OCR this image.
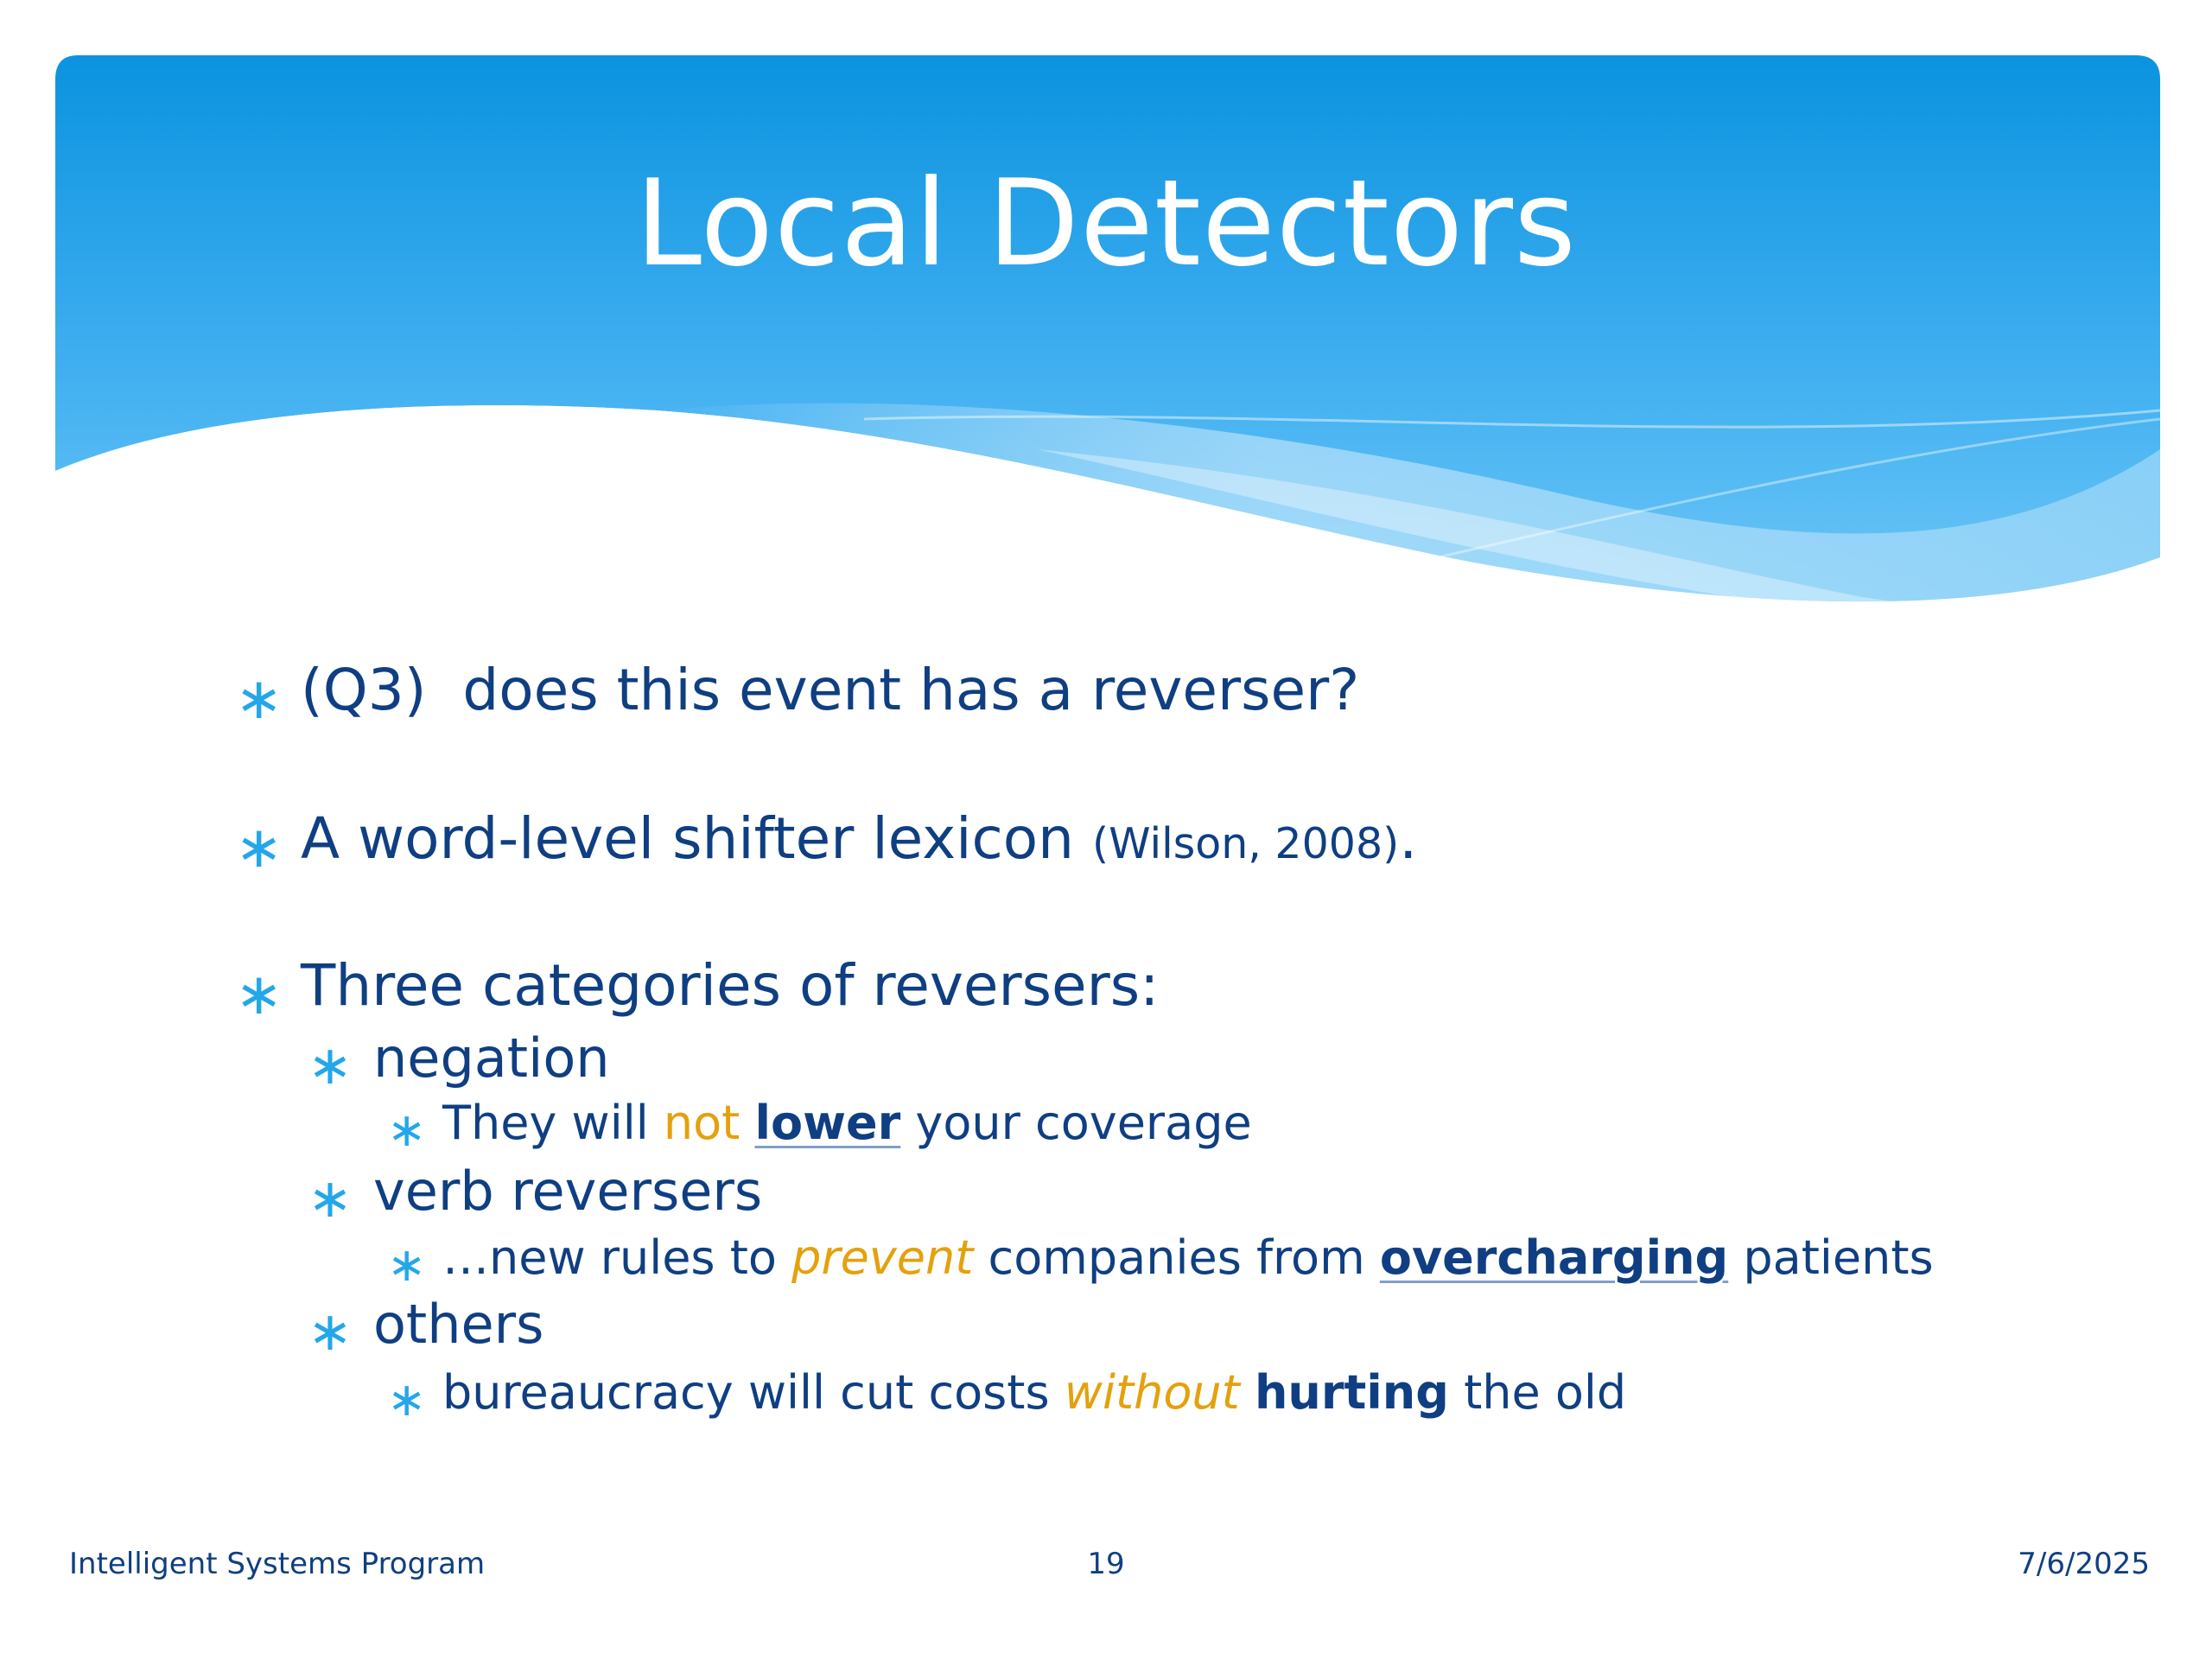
Local Detectors
∗ (Q3)  does this event has a reverser?
∗ A word-level shifter lexicon (Wilson, 2008) .
∗ Three categories of reversers:
∗ negation
∗ They will not
lower your coverage
∗ verb reversers
∗ …new rules to prevent companies from overcharging patients
∗ others
∗ bureaucracy will cut costs without
hurting the old
Intelligent Systems Program	19	7/6/2025
